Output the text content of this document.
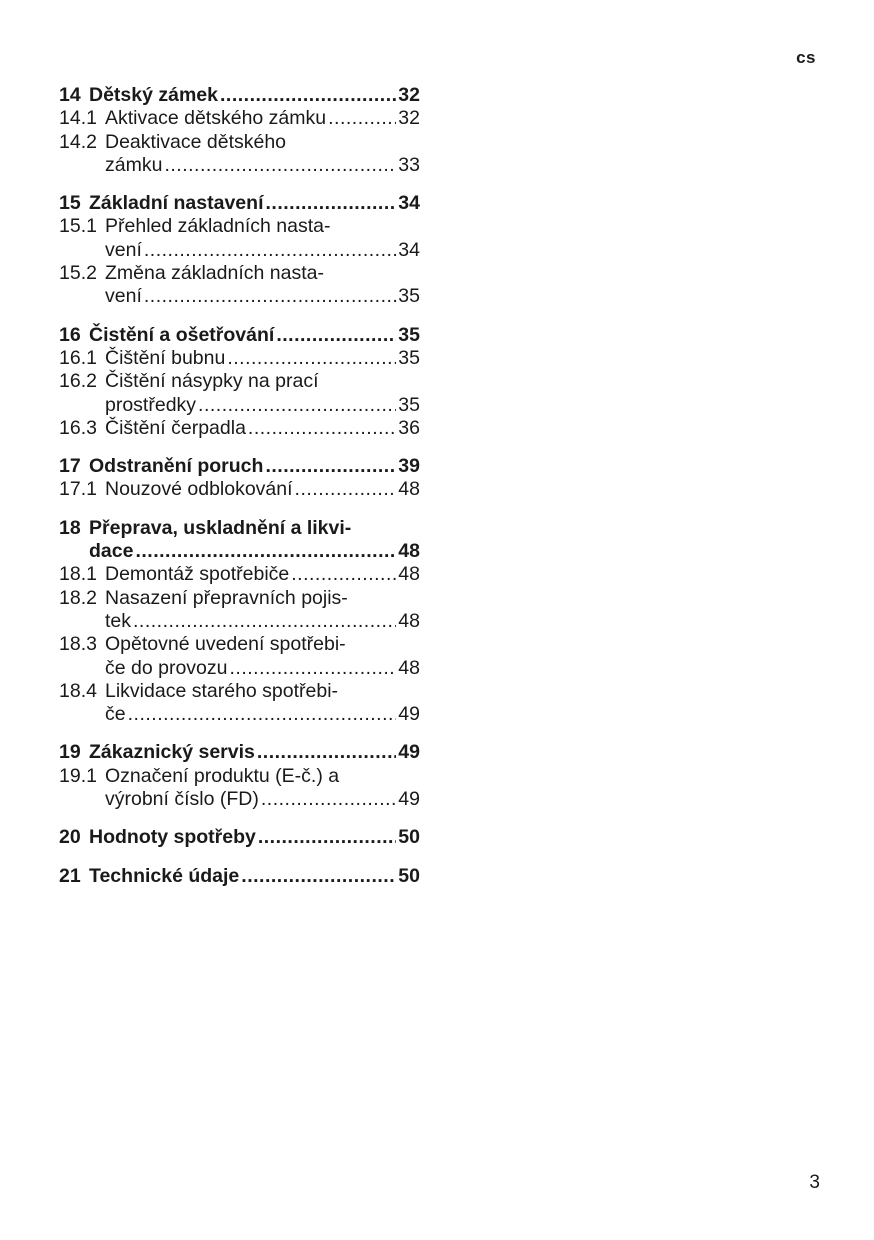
cs
14 Dětský zámek .....	32
14.1 Aktivace dětského zámku .....	32
14.2 Deaktivace dětského
zámku .....	33
15 Základní nastavení .....	34
15.1 Přehled základních nasta-
vení .....	34
15.2 Změna základních nasta-
vení .....	35
16 Čistění a ošetřování .....	35
16.1 Čištění bubnu .....	35
16.2 Čištění násypky na prací
prostředky .....	35
16.3 Čištění čerpadla .....	36
17 Odstranění poruch .....	39
17.1 Nouzové odblokování .....	48
18 Přeprava, uskladnění a likvi-
dace .....	48
18.1 Demontáž spotřebiče .....	48
18.2 Nasazení přepravních pojis-
tek .....	48
18.3 Opětovné uvedení spotřebi-
če do provozu .....	48
18.4 Likvidace starého spotřebi-
če .....	49
19 Zákaznický servis .....	49
19.1 Označení produktu (E-č.) a
výrobní číslo (FD) .....	49
20 Hodnoty spotřeby .....	50
21 Technické údaje .....	50
3
